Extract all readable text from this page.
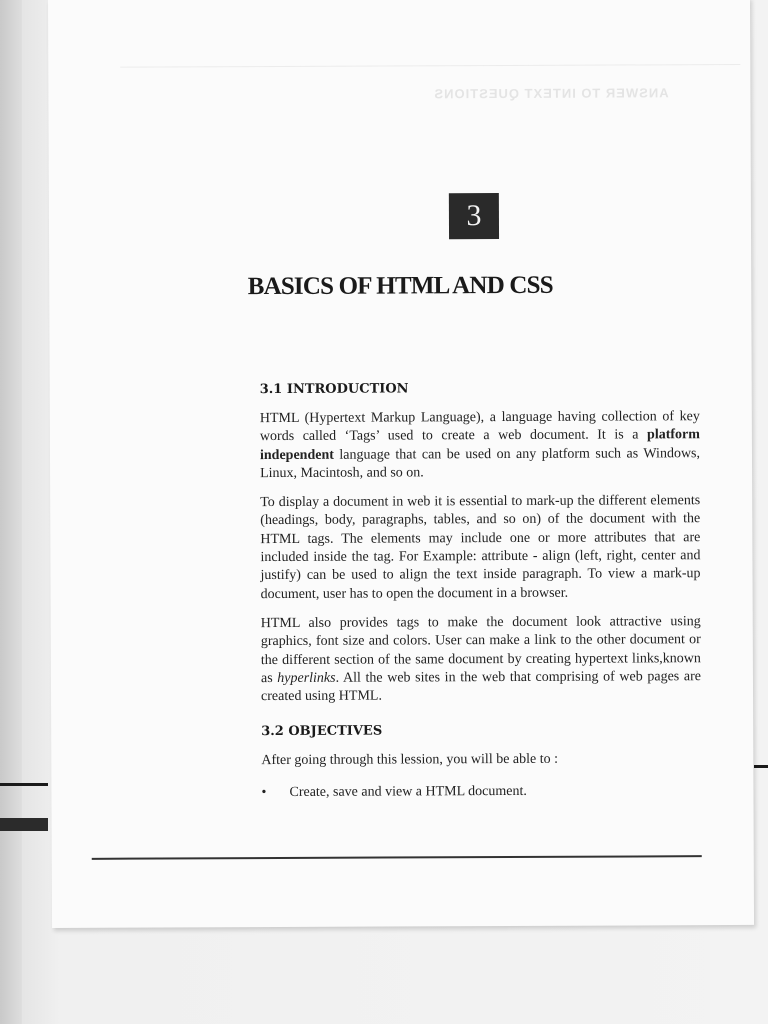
ANSWER TO INTEXT QUESTIONS
3
BASICS OF HTML AND CSS
3.1 INTRODUCTION

HTML (Hypertext Markup Language), a language having collection of key words called ‘Tags’ used to create a web document. It is a platform independent language that can be used on any platform such as Windows, Linux, Macintosh, and so on.

To display a document in web it is essential to mark-up the different elements (headings, body, paragraphs, tables, and so on) of the document with the HTML tags. The elements may include one or more attributes that are included inside the tag. For Example: attribute - align (left, right, center and justify) can be used to align the text inside paragraph. To view a mark-up document, user has to open the document in a browser.

HTML also provides tags to make the document look attractive using graphics, font size and colors. User can make a link to the other document or the different section of the same document by creating hypertext links,known as hyperlinks. All the web sites in the web that comprising of web pages are created using HTML.

3.2 OBJECTIVES

After going through this lession, you will be able to :

•	Create, save and view a HTML document.
